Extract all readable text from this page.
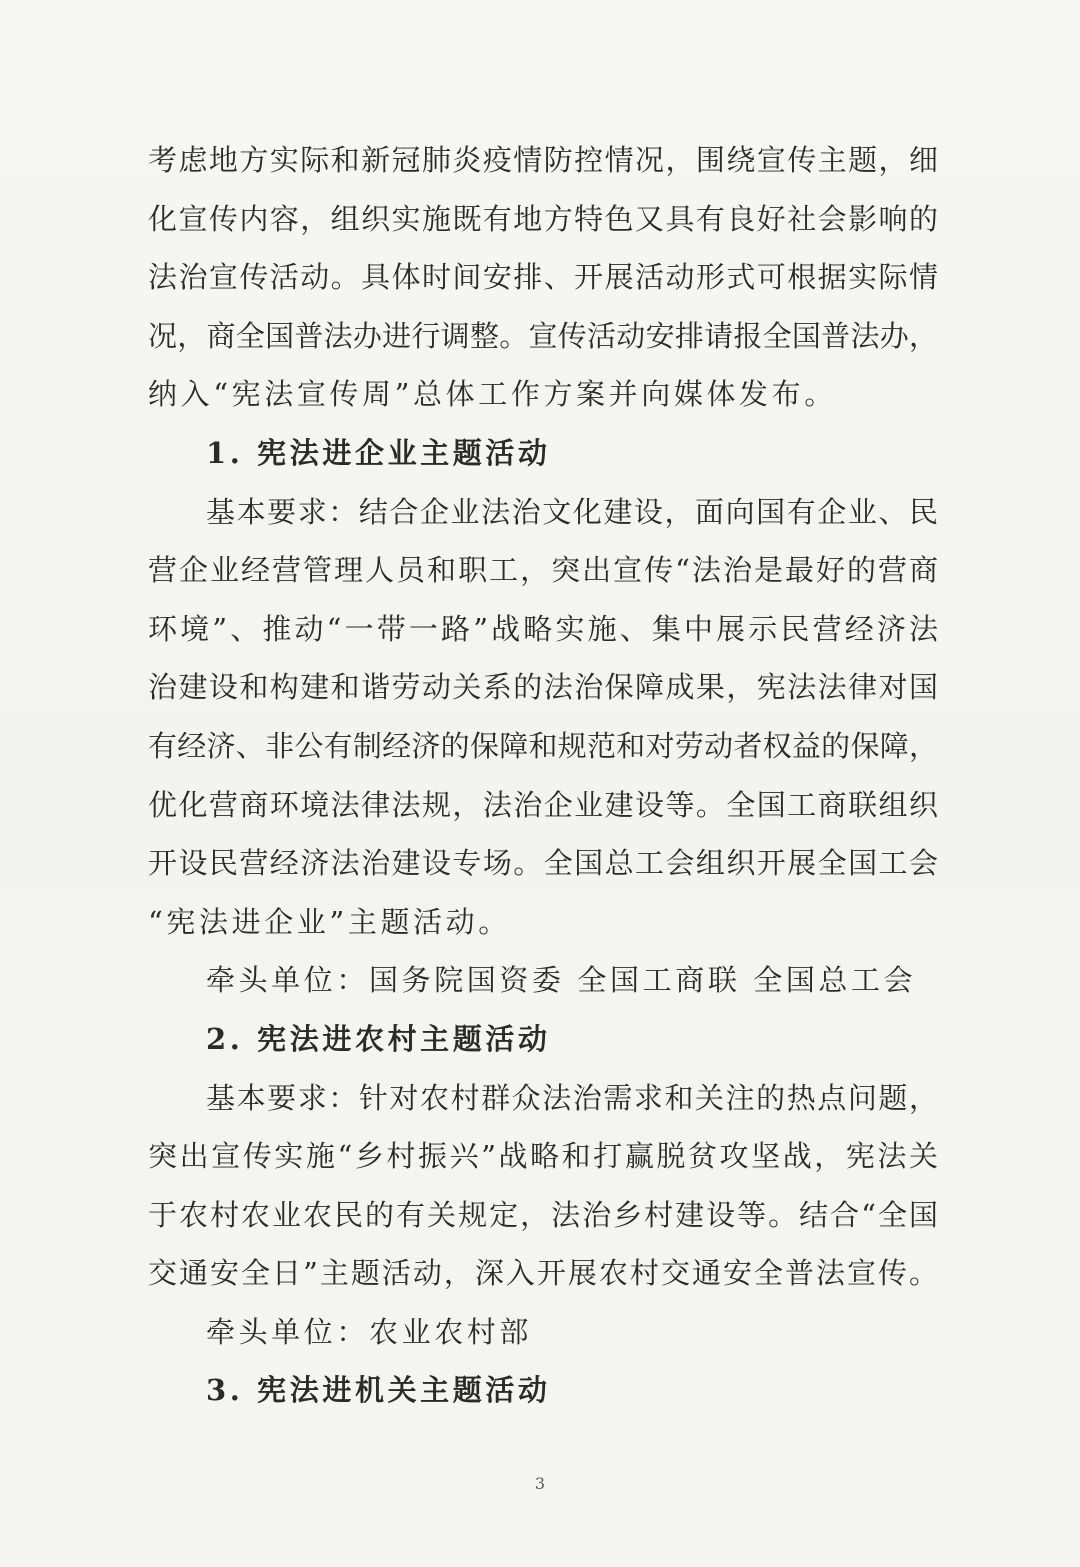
考虑地方实际和新冠肺炎疫情防控情况，围绕宣传主题，细
化宣传内容，组织实施既有地方特色又具有良好社会影响的
法治宣传活动。具体时间安排、开展活动形式可根据实际情
况，商全国普法办进行调整。宣传活动安排请报全国普法办，
纳入“宪法宣传周”总体工作方案并向媒体发布。
1. 宪法进企业主题活动
基本要求：结合企业法治文化建设，面向国有企业、民
营企业经营管理人员和职工，突出宣传“法治是最好的营商
环境”、推动“一带一路”战略实施、集中展示民营经济法
治建设和构建和谐劳动关系的法治保障成果，宪法法律对国
有经济、非公有制经济的保障和规范和对劳动者权益的保障，
优化营商环境法律法规，法治企业建设等。全国工商联组织
开设民营经济法治建设专场。全国总工会组织开展全国工会
“宪法进企业”主题活动。
牵头单位：国务院国资委 全国工商联 全国总工会
2. 宪法进农村主题活动
基本要求：针对农村群众法治需求和关注的热点问题，
突出宣传实施“乡村振兴”战略和打赢脱贫攻坚战，宪法关
于农村农业农民的有关规定，法治乡村建设等。结合“全国
交通安全日”主题活动，深入开展农村交通安全普法宣传。
牵头单位：农业农村部
3. 宪法进机关主题活动
3
